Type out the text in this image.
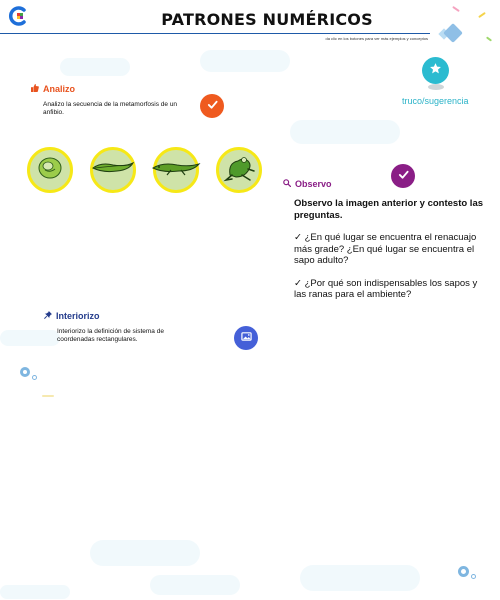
PATRONES NUMÉRICOS
da clic en los botones para ver más ejemplos y conceptos
Analizo
Analizo la secuencia de la metamorfosis de un anfibio.
Observo
Observo la imagen anterior y contesto las preguntas.
✓ ¿En qué lugar se encuentra el renacuajo más grade? ¿En qué lugar se encuentra el sapo adulto?
✓ ¿Por qué son indispensables los sapos y las ranas para el ambiente?
truco/sugerencia
Interiorizo
Interiorizo la definición de sistema de coordenadas rectangulares.
